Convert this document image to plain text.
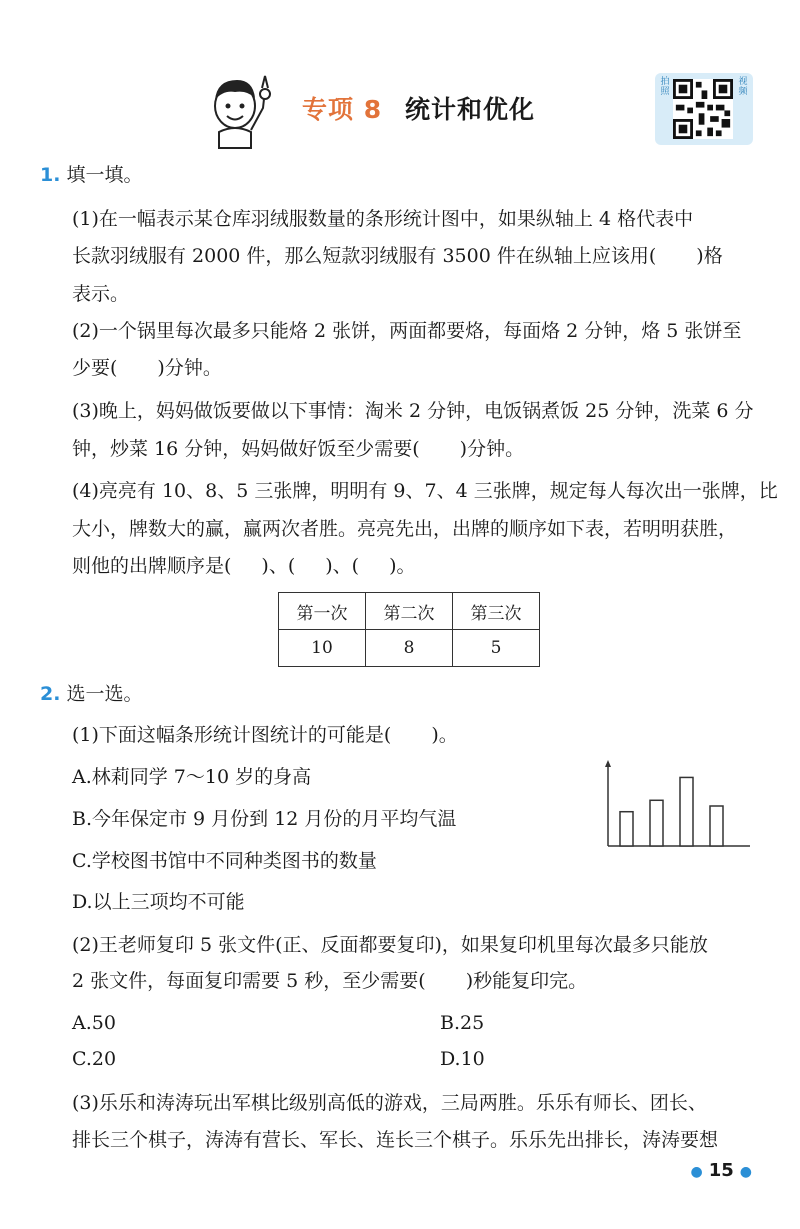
专项 8 统计和优化
拍照
视频
1. 填一填。
(1)在一幅表示某仓库羽绒服数量的条形统计图中，如果纵轴上 4 格代表中
长款羽绒服有 2000 件，那么短款羽绒服有 3500 件在纵轴上应该用( )格
表示。
(2)一个锅里每次最多只能烙 2 张饼，两面都要烙，每面烙 2 分钟，烙 5 张饼至
少要( )分钟。
(3)晚上，妈妈做饭要做以下事情：淘米 2 分钟，电饭锅煮饭 25 分钟，洗菜 6 分
钟，炒菜 16 分钟，妈妈做好饭至少需要( )分钟。
(4)亮亮有 10、8、5 三张牌，明明有 9、7、4 三张牌，规定每人每次出一张牌，比
大小，牌数大的赢，赢两次者胜。亮亮先出，出牌的顺序如下表，若明明获胜，
则他的出牌顺序是( )、( )、( )。
第一次	第二次	第三次
10	8	5
2. 选一选。
(1)下面这幅条形统计图统计的可能是( )。
A.林莉同学 7～10 岁的身高
B.今年保定市 9 月份到 12 月份的月平均气温
C.学校图书馆中不同种类图书的数量
D.以上三项均不可能
(2)王老师复印 5 张文件(正、反面都要复印)，如果复印机里每次最多只能放
2 张文件，每面复印需要 5 秒，至少需要( )秒能复印完。
A.50	B.25
C.20	D.10
(3)乐乐和涛涛玩出军棋比级别高低的游戏，三局两胜。乐乐有师长、团长、
排长三个棋子，涛涛有营长、军长、连长三个棋子。乐乐先出排长，涛涛要想
● 15 ●
